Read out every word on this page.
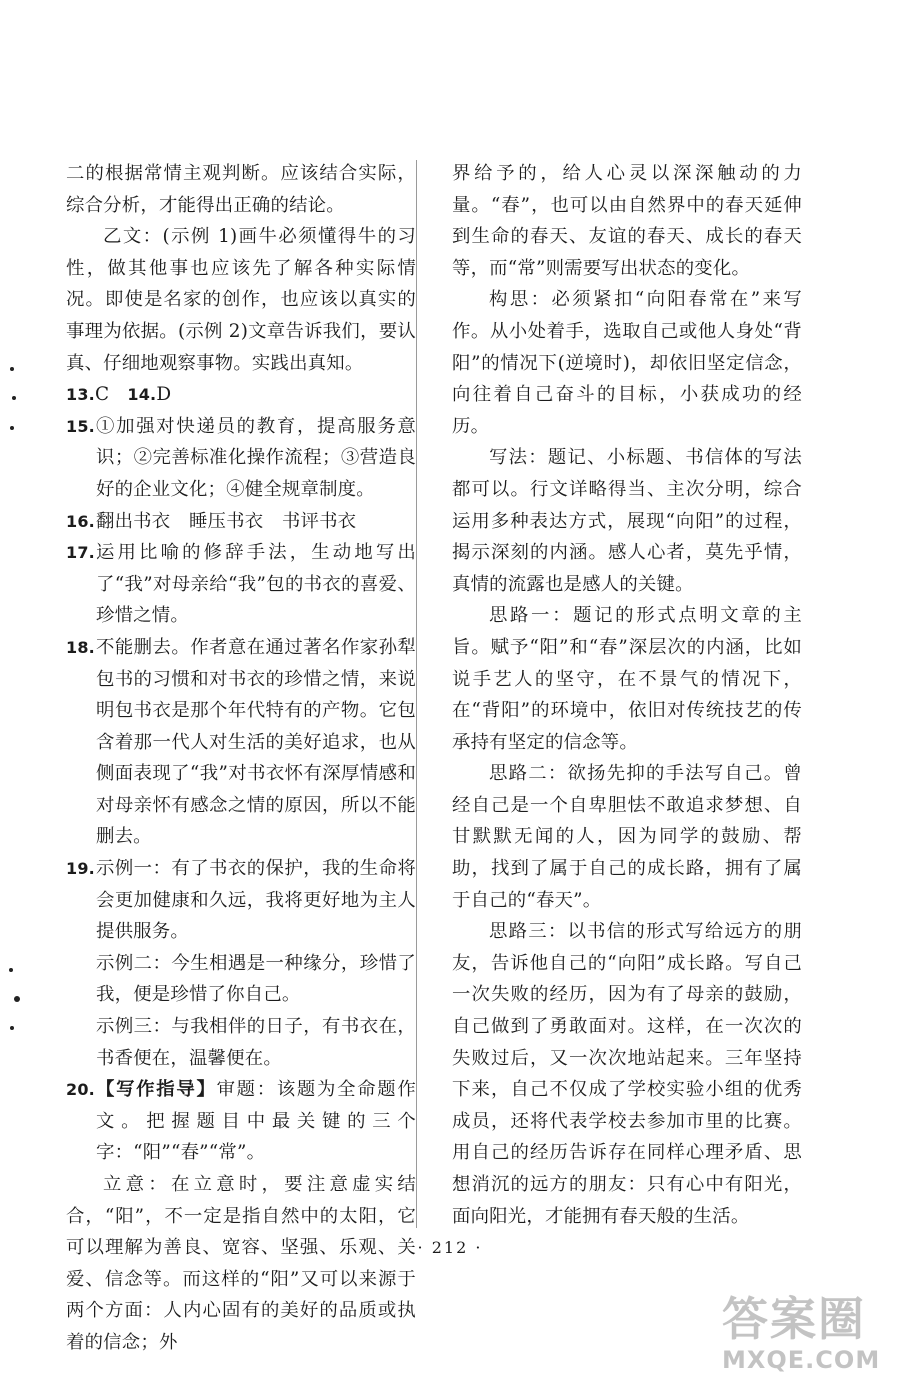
二的根据常情主观判断。应该结合实际，综合分析，才能得出正确的结论。

乙文：(示例 1)画牛必须懂得牛的习性，做其他事也应该先了解各种实际情况。即使是名家的创作，也应该以真实的事理为依据。(示例 2)文章告诉我们，要认真、仔细地观察事物。实践出真知。

13.C 14.D
15. ①加强对快递员的教育，提高服务意识；②完善标准化操作流程；③营造良好的企业文化；④健全规章制度。
16. 翻出书衣　睡压书衣　书评书衣
17. 运用比喻的修辞手法，生动地写出了“我”对母亲给“我”包的书衣的喜爱、珍惜之情。
18. 不能删去。作者意在通过著名作家孙犁包书的习惯和对书衣的珍惜之情，来说明包书衣是那个年代特有的产物。它包含着那一代人对生活的美好追求，也从侧面表现了“我”对书衣怀有深厚情感和对母亲怀有感念之情的原因，所以不能删去。
19. 示例一：有了书衣的保护，我的生命将会更加健康和久远，我将更好地为主人提供服务。
示例二：今生相遇是一种缘分，珍惜了我，便是珍惜了你自己。
示例三：与我相伴的日子，有书衣在，书香便在，温馨便在。
20. 【写作指导】审题：该题为全命题作文。把握题目中最关键的三个字：“阳”“春”“常”。

立意：在立意时，要注意虚实结合，“阳”，不一定是指自然中的太阳，它可以理解为善良、宽容、坚强、乐观、关爱、信念等。而这样的“阳”又可以来源于两个方面：人内心固有的美好的品质或执着的信念；外

界给予的，给人心灵以深深触动的力量。“春”，也可以由自然界中的春天延伸到生命的春天、友谊的春天、成长的春天等，而“常”则需要写出状态的变化。

构思：必须紧扣“向阳春常在”来写作。从小处着手，选取自己或他人身处“背阳”的情况下(逆境时)，却依旧坚定信念，向往着自己奋斗的目标，小获成功的经历。

写法：题记、小标题、书信体的写法都可以。行文详略得当、主次分明，综合运用多种表达方式，展现“向阳”的过程，揭示深刻的内涵。感人心者，莫先乎情，真情的流露也是感人的关键。

思路一：题记的形式点明文章的主旨。赋予“阳”和“春”深层次的内涵，比如说手艺人的坚守，在不景气的情况下，在“背阳”的环境中，依旧对传统技艺的传承持有坚定的信念等。

思路二：欲扬先抑的手法写自己。曾经自己是一个自卑胆怯不敢追求梦想、自甘默默无闻的人，因为同学的鼓励、帮助，找到了属于自己的成长路，拥有了属于自己的“春天”。

思路三：以书信的形式写给远方的朋友，告诉他自己的“向阳”成长路。写自己一次失败的经历，因为有了母亲的鼓励，自己做到了勇敢面对。这样，在一次次的失败过后，又一次次地站起来。三年坚持下来，自己不仅成了学校实验小组的优秀成员，还将代表学校去参加市里的比赛。用自己的经历告诉存在同样心理矛盾、思想消沉的远方的朋友：只有心中有阳光，面向阳光，才能拥有春天般的生活。

· 212 ·
答案圈
MXQE.COM
